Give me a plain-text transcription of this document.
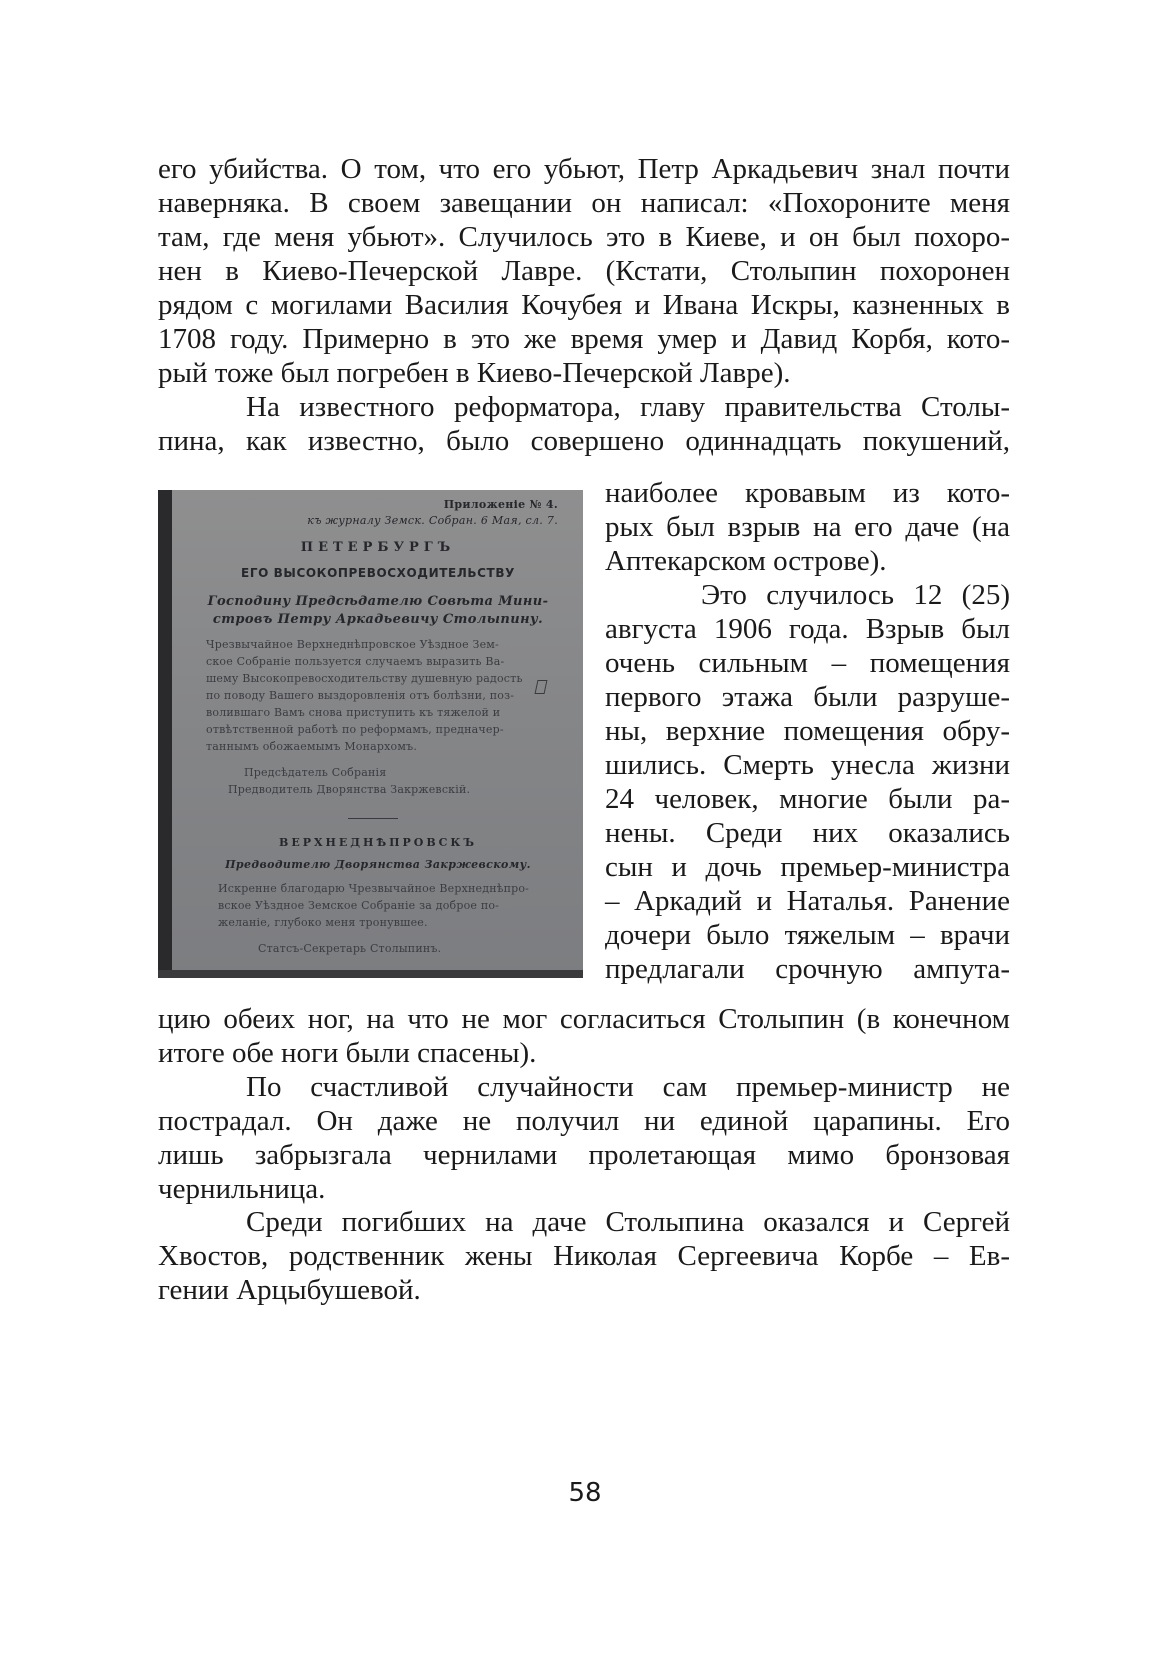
его убийства. О том, что его убьют, Петр Аркадьевич знал почти
наверняка. В своем завещании он написал: «Похороните меня
там, где меня убьют». Случилось это в Киеве, и он был похоро-
нен в Киево-Печерской Лавре. (Кстати, Столыпин похоронен
рядом с могилами Василия Кочубея и Ивана Искры, казненных в
1708 году. Примерно в это же время умер и Давид Корбя, кото-
рый тоже был погребен в Киево-Печерской Лавре).
На известного реформатора, главу правительства Столы-
пина, как известно, было совершено одиннадцать покушений,
Приложеніе № 4.
къ журналу Земск. Собран. 6 Мая, сл. 7.
ПЕТЕРБУРГЪ
ЕГО ВЫСОКОПРЕВОСХОДИТЕЛЬСТВУ
Господину Предсѣдателю Совѣта Мини-
стровъ Петру Аркадьевичу Столыпину.
Чрезвычайное Верхнеднѣпровское Уѣздное Зем-
ское Собраніе пользуется случаемъ выразить Ва-
шему Высокопревосходительству душевную радость
по поводу Вашего выздоровленія отъ болѣзни, поз-
волившаго Вамъ снова приступить къ тяжелой и
отвѣтственной работѣ по реформамъ, предначер-
таннымъ обожаемымъ Монархомъ.
Предсѣдатель Собранія
Предводитель Дворянства Закржевскій.
ВЕРХНЕДНѢПРОВСКЪ
Предводителю Дворянства Закржевскому.
Искренне благодарю Чрезвычайное Верхнеднѣпро-
вское Уѣздное Земское Собраніе за доброе по-
желаніе, глубоко меня тронувшее.
Статсъ-Секретарь Столыпинъ.
наиболее кровавым из кото-
рых был взрыв на его даче (на
Аптекарском острове).
Это случилось 12 (25)
августа 1906 года. Взрыв был
очень сильным – помещения
первого этажа были разруше-
ны, верхние помещения обру-
шились. Смерть унесла жизни
24 человек, многие были ра-
нены. Среди них оказались
сын и дочь премьер-министра
– Аркадий и Наталья. Ранение
дочери было тяжелым – врачи
предлагали срочную ампута-
цию обеих ног, на что не мог согласиться Столыпин (в конечном
итоге обе ноги были спасены).
По счастливой случайности сам премьер-министр не
пострадал. Он даже не получил ни единой царапины. Его
лишь забрызгала чернилами пролетающая мимо бронзовая
чернильница.
Среди погибших на даче Столыпина оказался и Сергей
Хвостов, родственник жены Николая Сергеевича Корбе – Ев-
гении Арцыбушевой.
58
